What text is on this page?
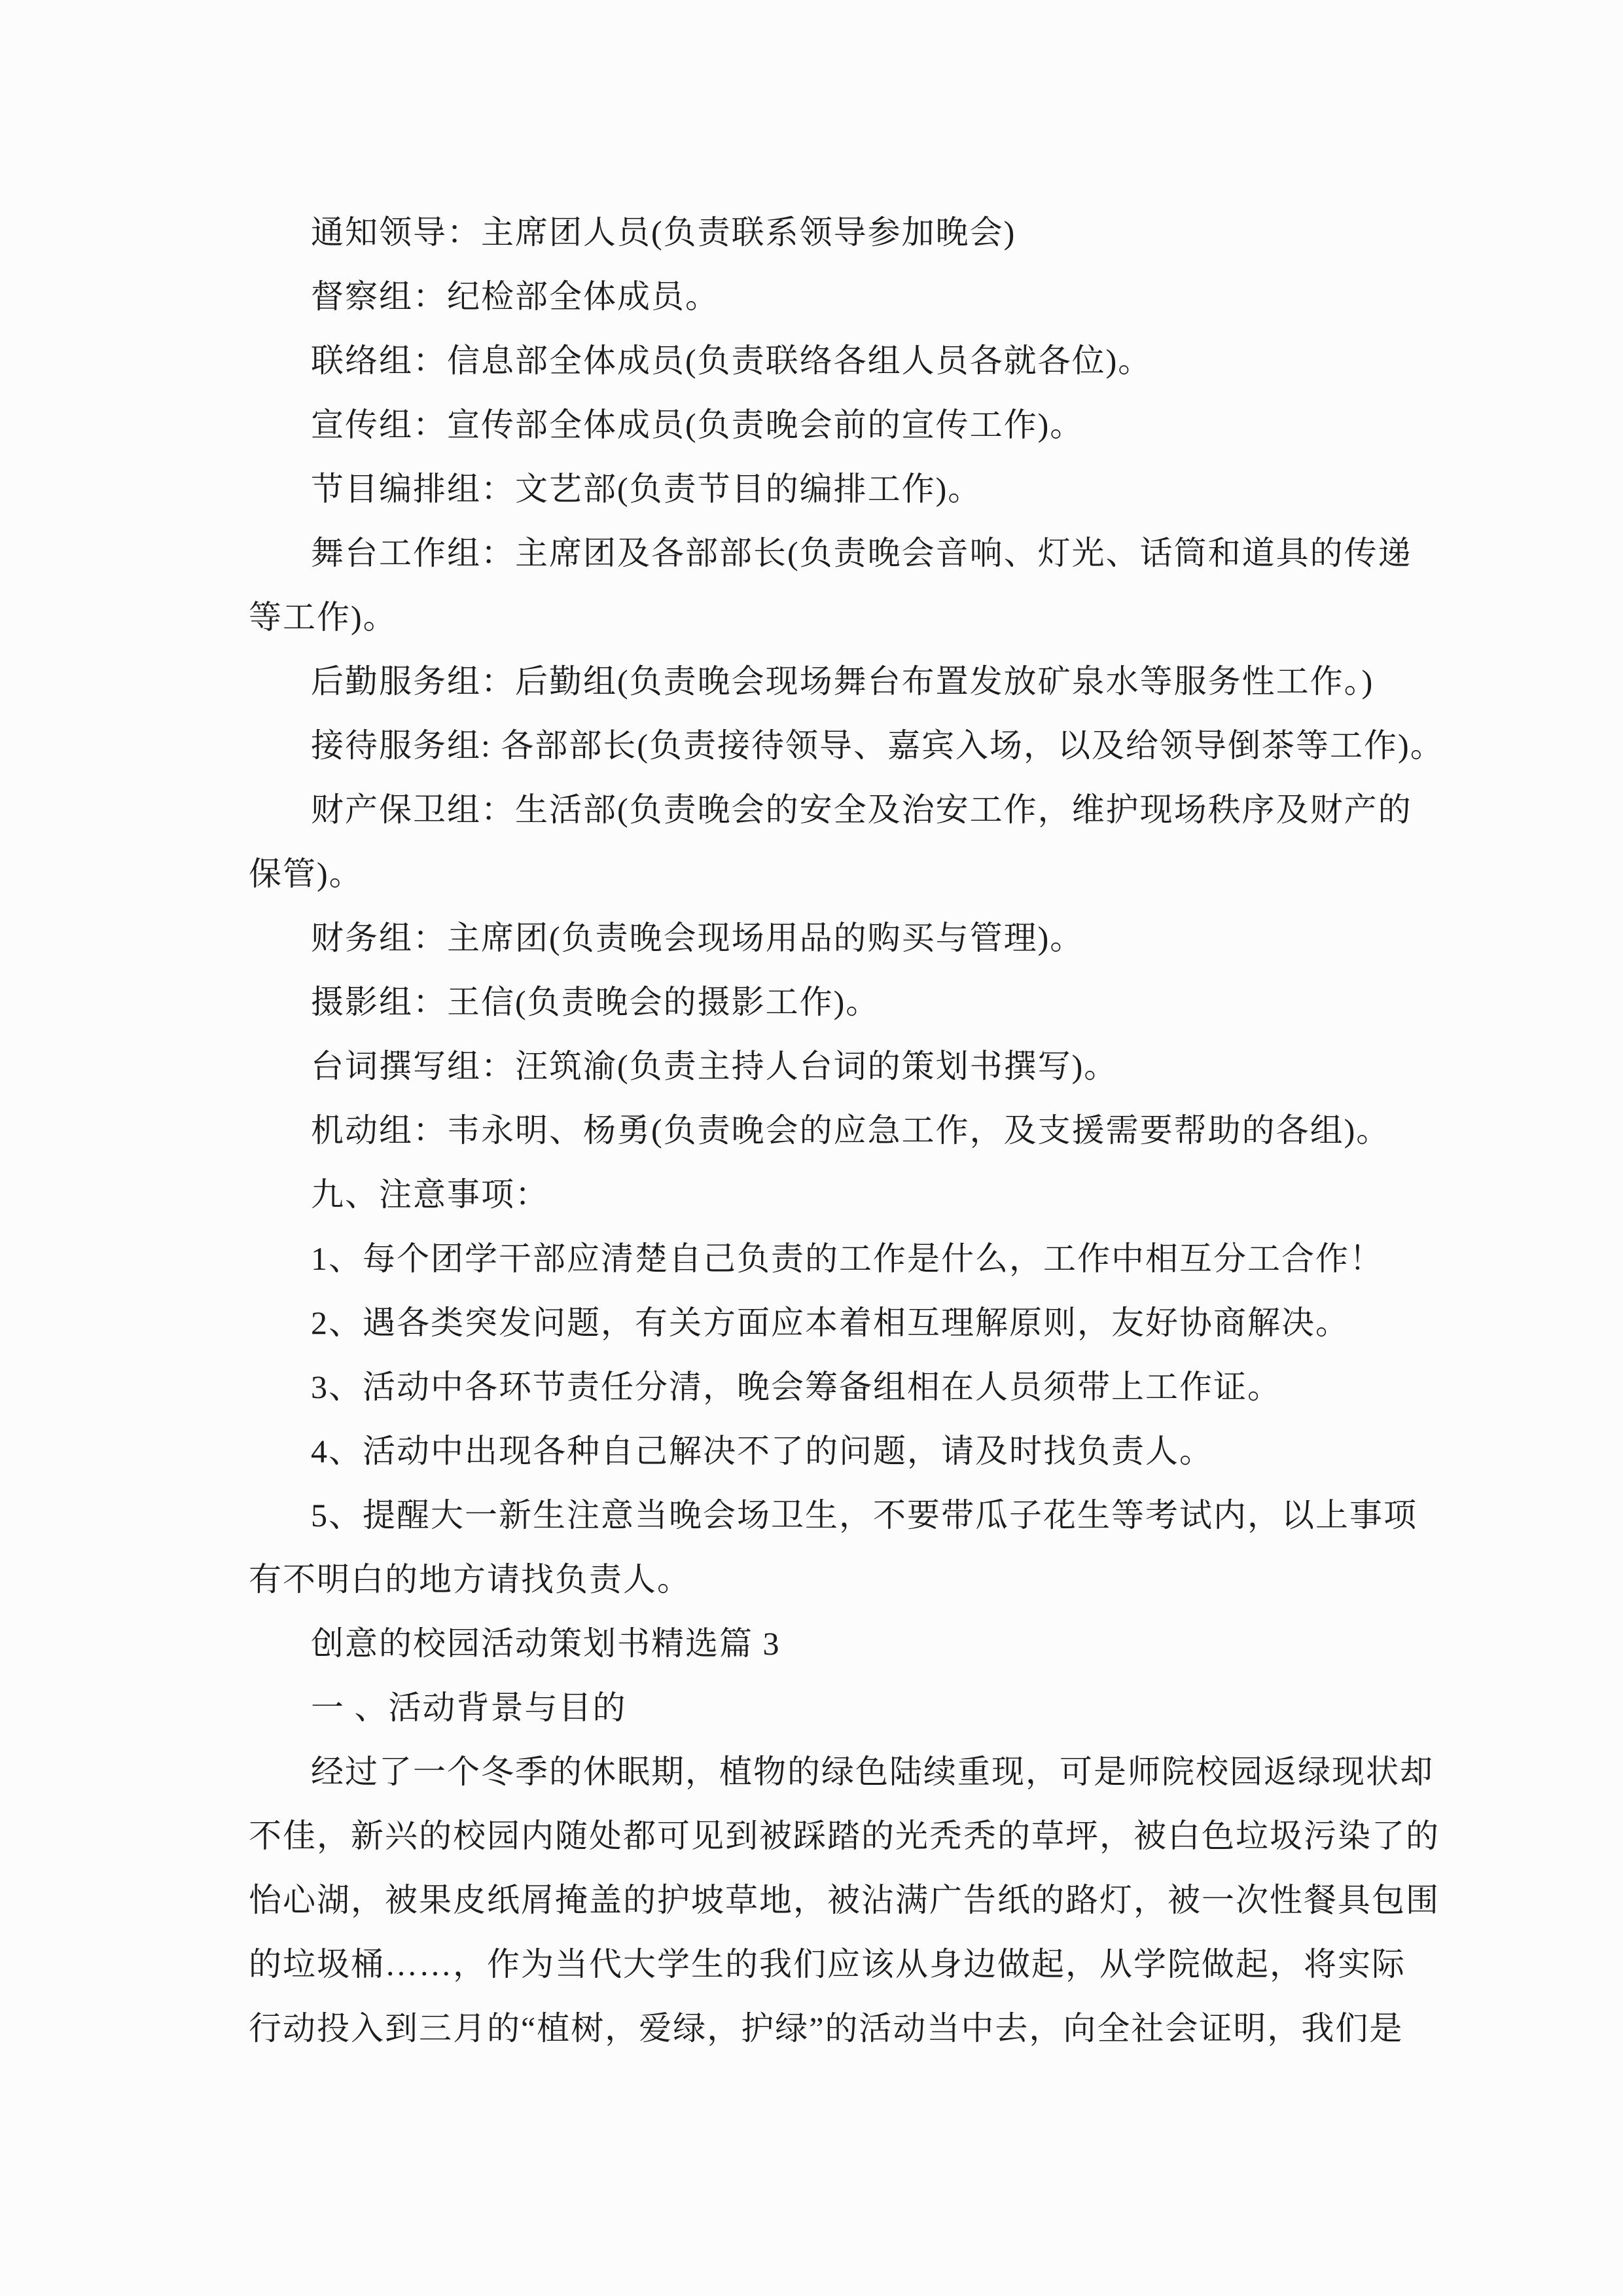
通知领导：主席团人员(负责联系领导参加晚会)
督察组：纪检部全体成员。
联络组：信息部全体成员(负责联络各组人员各就各位)。
宣传组：宣传部全体成员(负责晚会前的宣传工作)。
节目编排组：文艺部(负责节目的编排工作)。
舞台工作组：主席团及各部部长(负责晚会音响、灯光、话筒和道具的传递
等工作)。
后勤服务组：后勤组(负责晚会现场舞台布置发放矿泉水等服务性工作。)
接待服务组: 各部部长(负责接待领导、嘉宾入场，以及给领导倒茶等工作)。
财产保卫组：生活部(负责晚会的安全及治安工作，维护现场秩序及财产的
保管)。
财务组：主席团(负责晚会现场用品的购买与管理)。
摄影组：王信(负责晚会的摄影工作)。
台词撰写组：汪筑渝(负责主持人台词的策划书撰写)。
机动组：韦永明、杨勇(负责晚会的应急工作，及支援需要帮助的各组)。
九、注意事项：
1、每个团学干部应清楚自己负责的工作是什么，工作中相互分工合作！
2、遇各类突发问题，有关方面应本着相互理解原则，友好协商解决。
3、活动中各环节责任分清，晚会筹备组相在人员须带上工作证。
4、活动中出现各种自己解决不了的问题，请及时找负责人。
5、提醒大一新生注意当晚会场卫生，不要带瓜子花生等考试内，以上事项
有不明白的地方请找负责人。
创意的校园活动策划书精选篇 3
一 、活动背景与目的
经过了一个冬季的休眠期，植物的绿色陆续重现，可是师院校园返绿现状却
不佳，新兴的校园内随处都可见到被踩踏的光秃秃的草坪，被白色垃圾污染了的
怡心湖，被果皮纸屑掩盖的护坡草地，被沾满广告纸的路灯，被一次性餐具包围
的垃圾桶……，作为当代大学生的我们应该从身边做起，从学院做起，将实际
行动投入到三月的“植树，爱绿，护绿”的活动当中去，向全社会证明，我们是
